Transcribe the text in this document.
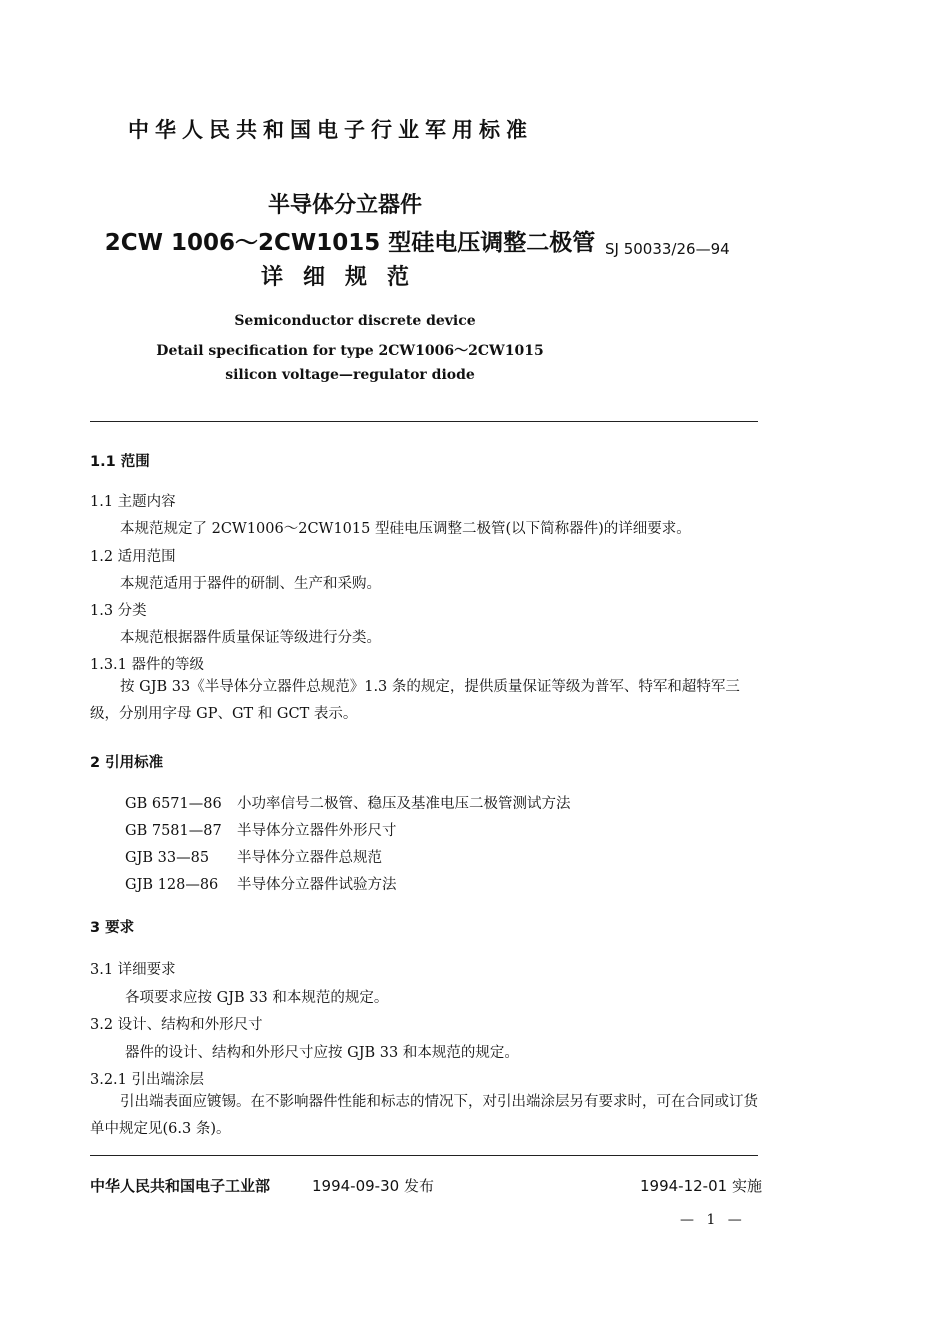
中华人民共和国电子行业军用标准
半导体分立器件
2CW 1006～2CW1015 型硅电压调整二极管
详细规范
SJ 50033/26—94
Semiconductor discrete device
Detail specification for type 2CW1006～2CW1015
silicon voltage—regulator diode
1.1 范围
1.1 主题内容
本规范规定了 2CW1006～2CW1015 型硅电压调整二极管(以下简称器件)的详细要求。
1.2 适用范围
本规范适用于器件的研制、生产和采购。
1.3 分类
本规范根据器件质量保证等级进行分类。
1.3.1 器件的等级
按 GJB 33《半导体分立器件总规范》1.3 条的规定，提供质量保证等级为普军、特军和超特军三级，分别用字母 GP、GT 和 GCT 表示。
2 引用标准
GB 6571—86 小功率信号二极管、稳压及基准电压二极管测试方法
GB 7581—87 半导体分立器件外形尺寸
GJB 33—85 半导体分立器件总规范
GJB 128—86 半导体分立器件试验方法
3 要求
3.1 详细要求
各项要求应按 GJB 33 和本规范的规定。
3.2 设计、结构和外形尺寸
器件的设计、结构和外形尺寸应按 GJB 33 和本规范的规定。
3.2.1 引出端涂层
引出端表面应镀锡。在不影响器件性能和标志的情况下，对引出端涂层另有要求时，可在合同或订货单中规定见(6.3 条)。
中华人民共和国电子工业部	1994-09-30 发布	1994-12-01 实施
— 1 —
